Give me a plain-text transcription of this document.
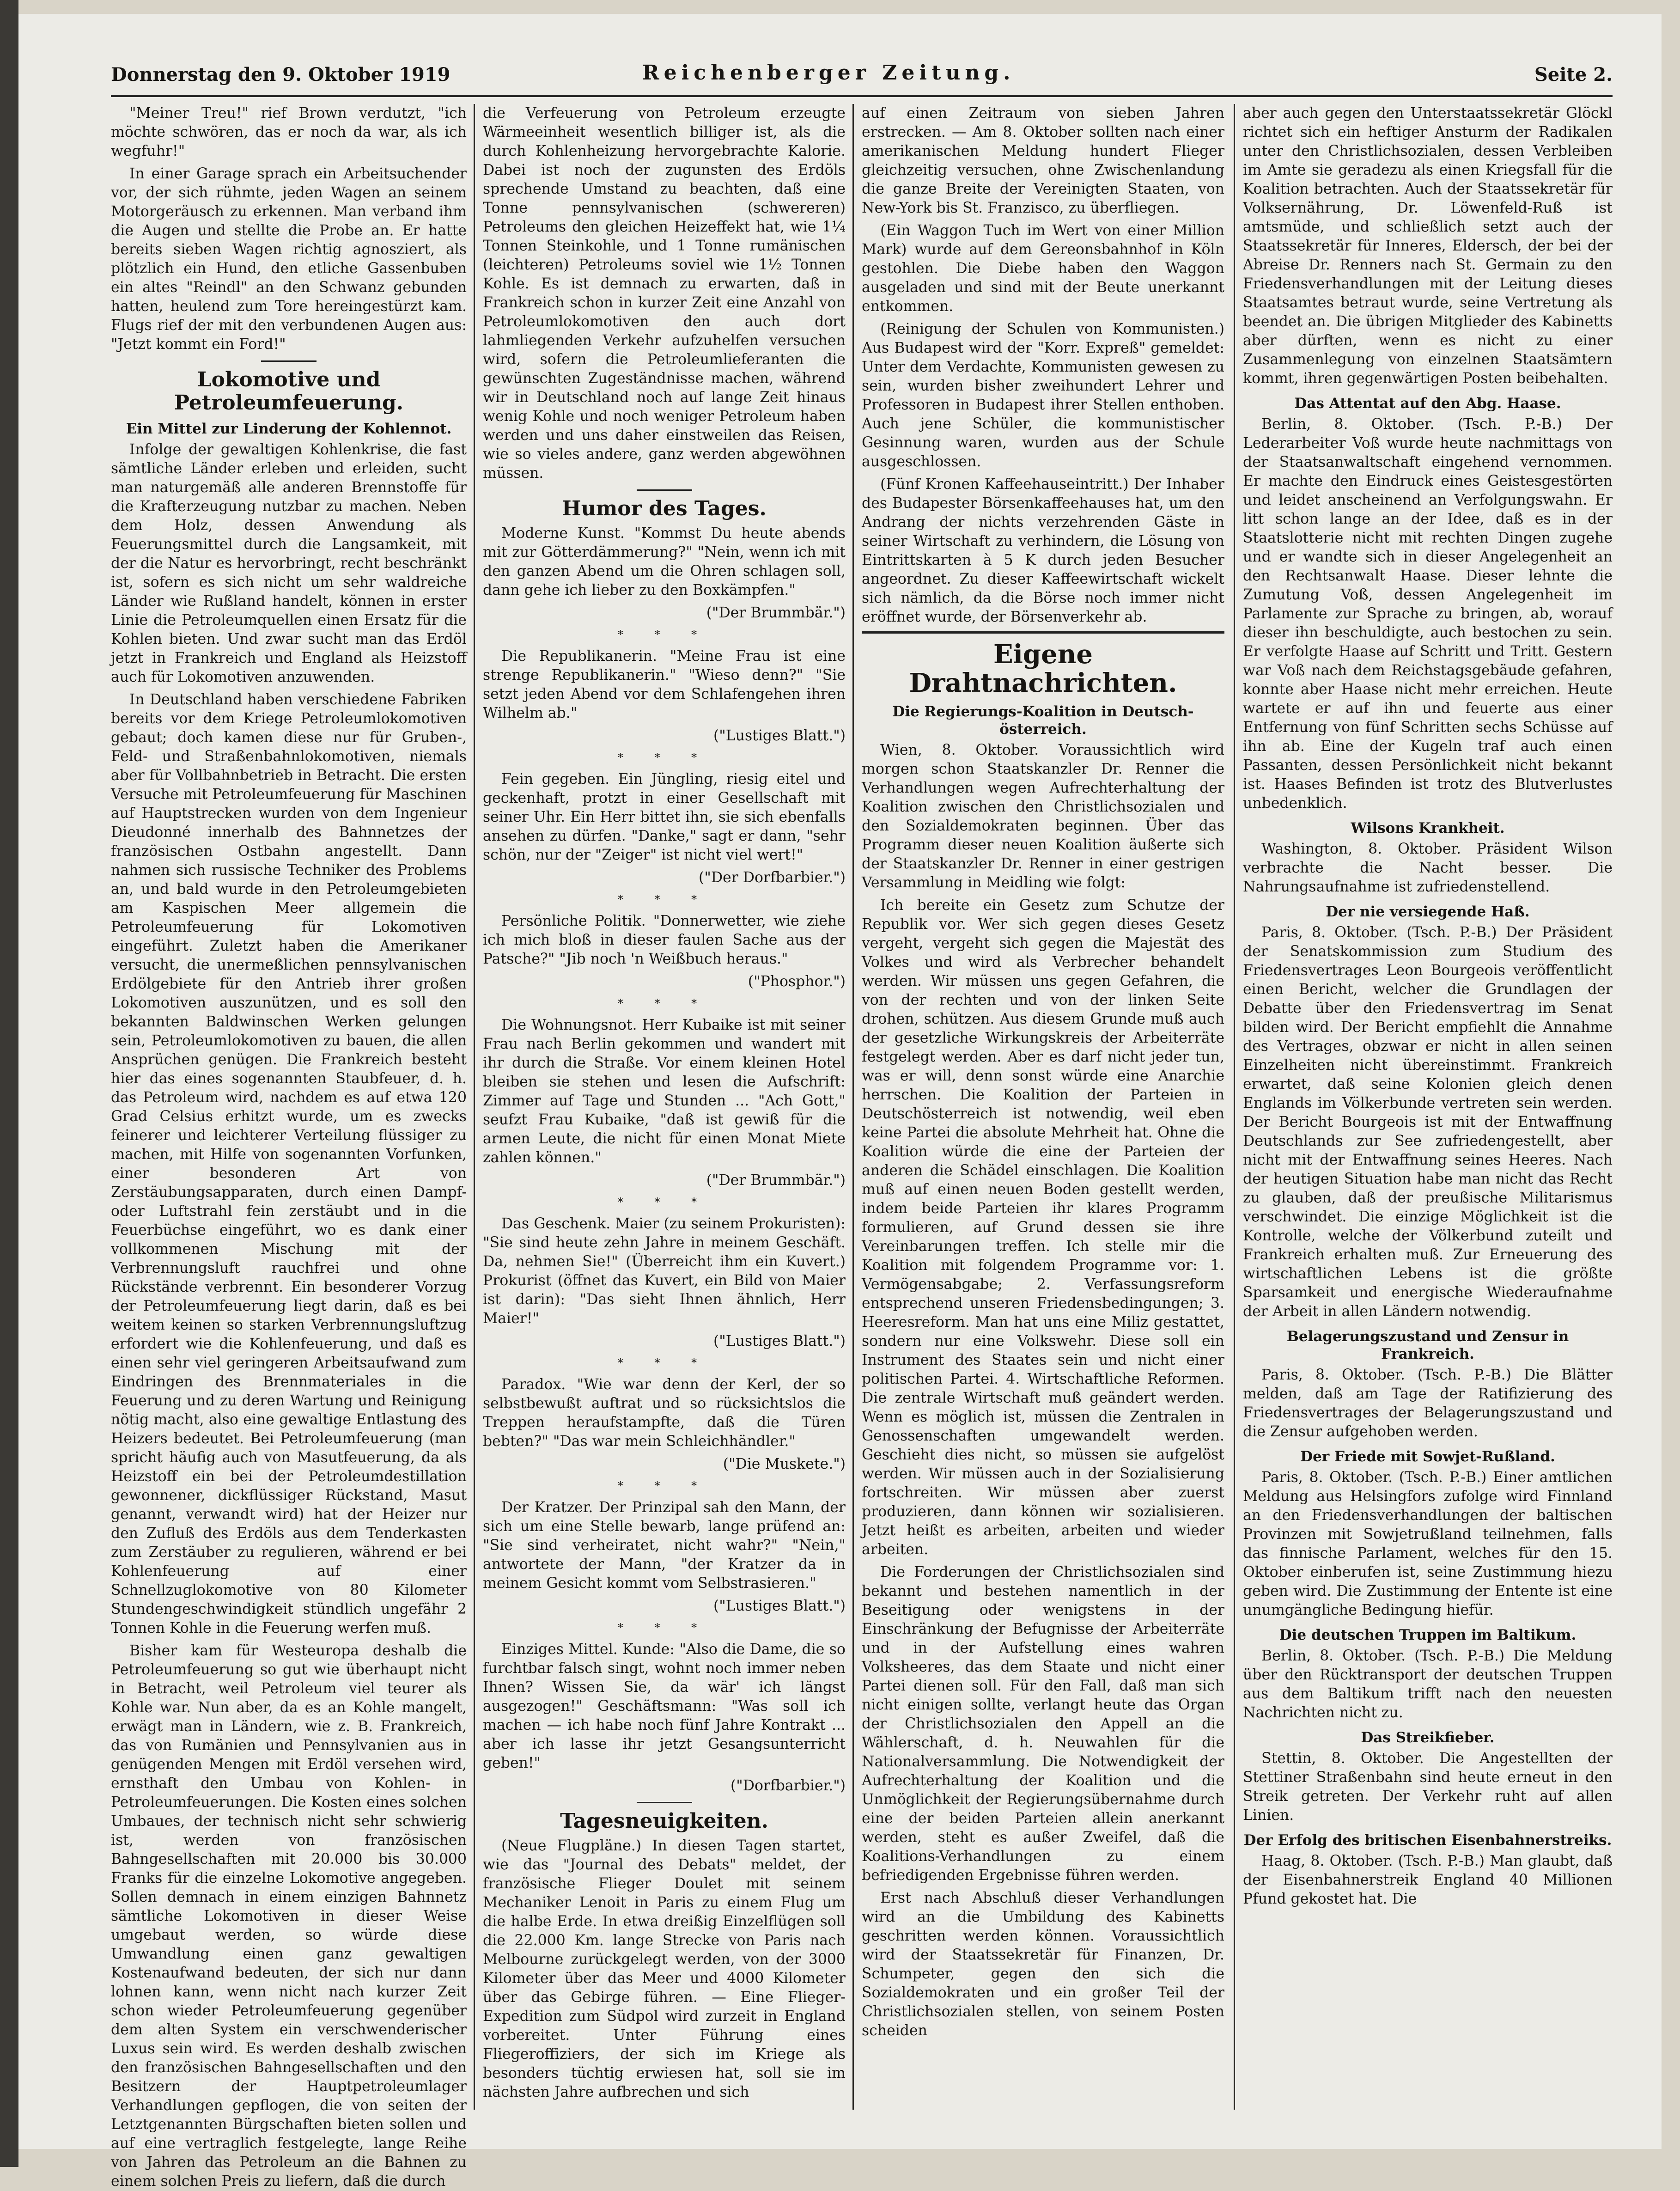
Donnerstag den 9. Oktober 1919	Reichenberger Zeitung.	Seite 2.

"Meiner Treu!" rief Brown verdutzt, "ich möchte schwören, das er noch da war, als ich wegfuhr!"

In einer Garage sprach ein Arbeitsuchender vor, der sich rühmte, jeden Wagen an seinem Motorgeräusch zu erkennen. Man verband ihm die Augen und stellte die Probe an. Er hatte bereits sieben Wagen richtig agnosziert, als plötzlich ein Hund, den etliche Gassenbuben ein altes "Reindl" an den Schwanz gebunden hatten, heulend zum Tore hereingestürzt kam. Flugs rief der mit den verbundenen Augen aus: "Jetzt kommt ein Ford!"

Lokomotive und Petroleumfeuerung.
Ein Mittel zur Linderung der Kohlennot.

Infolge der gewaltigen Kohlenkrise, die fast sämtliche Länder erleben und erleiden, sucht man naturgemäß alle anderen Brennstoffe für die Krafterzeugung nutzbar zu machen. Neben dem Holz, dessen Anwendung als Feuerungsmittel durch die Langsamkeit, mit der die Natur es hervorbringt, recht beschränkt ist, sofern es sich nicht um sehr waldreiche Länder wie Rußland handelt, können in erster Linie die Petroleumquellen einen Ersatz für die Kohlen bieten. Und zwar sucht man das Erdöl jetzt in Frankreich und England als Heizstoff auch für Lokomotiven anzuwenden.

In Deutschland haben verschiedene Fabriken bereits vor dem Kriege Petroleumlokomotiven gebaut; doch kamen diese nur für Gruben-, Feld- und Straßenbahnlokomotiven, niemals aber für Vollbahnbetrieb in Betracht. Die ersten Versuche mit Petroleumfeuerung für Maschinen auf Hauptstrecken wurden von dem Ingenieur Dieudonné innerhalb des Bahnnetzes der französischen Ostbahn angestellt. Dann nahmen sich russische Techniker des Problems an, und bald wurde in den Petroleumgebieten am Kaspischen Meer allgemein die Petroleumfeuerung für Lokomotiven eingeführt. Zuletzt haben die Amerikaner versucht, die unermeßlichen pennsylvanischen Erdölgebiete für den Antrieb ihrer großen Lokomotiven auszunützen, und es soll den bekannten Baldwinschen Werken gelungen sein, Petroleumlokomotiven zu bauen, die allen Ansprüchen genügen. Die Frankreich besteht hier das eines sogenannten Staubfeuer, d. h. das Petroleum wird, nachdem es auf etwa 120 Grad Celsius erhitzt wurde, um es zwecks feinerer und leichterer Verteilung flüssiger zu machen, mit Hilfe von sogenannten Vorfunken, einer besonderen Art von Zerstäubungsapparaten, durch einen Dampf- oder Luftstrahl fein zerstäubt und in die Feuerbüchse eingeführt, wo es dank einer vollkommenen Mischung mit der Verbrennungsluft rauchfrei und ohne Rückstände verbrennt. Ein besonderer Vorzug der Petroleumfeuerung liegt darin, daß es bei weitem keinen so starken Verbrennungsluftzug erfordert wie die Kohlenfeuerung, und daß es einen sehr viel geringeren Arbeitsaufwand zum Eindringen des Brennmateriales in die Feuerung und zu deren Wartung und Reinigung nötig macht, also eine gewaltige Entlastung des Heizers bedeutet. Bei Petroleumfeuerung (man spricht häufig auch von Masutfeuerung, da als Heizstoff ein bei der Petroleumdestillation gewonnener, dickflüssiger Rückstand, Masut genannt, verwandt wird) hat der Heizer nur den Zufluß des Erdöls aus dem Tenderkasten zum Zerstäuber zu regulieren, während er bei Kohlenfeuerung auf einer Schnellzuglokomotive von 80 Kilometer Stundengeschwindigkeit stündlich ungefähr 2 Tonnen Kohle in die Feuerung werfen muß.

Bisher kam für Westeuropa deshalb die Petroleumfeuerung so gut wie überhaupt nicht in Betracht, weil Petroleum viel teurer als Kohle war. Nun aber, da es an Kohle mangelt, erwägt man in Ländern, wie z. B. Frankreich, das von Rumänien und Pennsylvanien aus in genügenden Mengen mit Erdöl versehen wird, ernsthaft den Umbau von Kohlen- in Petroleumfeuerungen. Die Kosten eines solchen Umbaues, der technisch nicht sehr schwierig ist, werden von französischen Bahngesellschaften mit 20.000 bis 30.000 Franks für die einzelne Lokomotive angegeben. Sollen demnach in einem einzigen Bahnnetz sämtliche Lokomotiven in dieser Weise umgebaut werden, so würde diese Umwandlung einen ganz gewaltigen Kostenaufwand bedeuten, der sich nur dann lohnen kann, wenn nicht nach kurzer Zeit schon wieder Petroleumfeuerung gegenüber dem alten System ein verschwenderischer Luxus sein wird. Es werden deshalb zwischen den französischen Bahngesellschaften und den Besitzern der Hauptpetroleumlager Verhandlungen gepflogen, die von seiten der Letztgenannten Bürgschaften bieten sollen und auf eine vertraglich festgelegte, lange Reihe von Jahren das Petroleum an die Bahnen zu einem solchen Preis zu liefern, daß die durch

die Verfeuerung von Petroleum erzeugte Wärmeeinheit wesentlich billiger ist, als die durch Kohlenheizung hervorgebrachte Kalorie. Dabei ist noch der zugunsten des Erdöls sprechende Umstand zu beachten, daß eine Tonne pennsylvanischen (schwereren) Petroleums den gleichen Heizeffekt hat, wie 1¼ Tonnen Steinkohle, und 1 Tonne rumänischen (leichteren) Petroleums soviel wie 1½ Tonnen Kohle. Es ist demnach zu erwarten, daß in Frankreich schon in kurzer Zeit eine Anzahl von Petroleumlokomotiven den auch dort lahmliegenden Verkehr aufzuhelfen versuchen wird, sofern die Petroleumlieferanten die gewünschten Zugeständnisse machen, während wir in Deutschland noch auf lange Zeit hinaus wenig Kohle und noch weniger Petroleum haben werden und uns daher einstweilen das Reisen, wie so vieles andere, ganz werden abgewöhnen müssen.

Humor des Tages.

Moderne Kunst. "Kommst Du heute abends mit zur Götterdämmerung?" "Nein, wenn ich mit den ganzen Abend um die Ohren schlagen soll, dann gehe ich lieber zu den Boxkämpfen."

("Der Brummbär.")

* * *

Die Republikanerin. "Meine Frau ist eine strenge Republikanerin." "Wieso denn?" "Sie setzt jeden Abend vor dem Schlafengehen ihren Wilhelm ab."

("Lustiges Blatt.")

* * *

Fein gegeben. Ein Jüngling, riesig eitel und geckenhaft, protzt in einer Gesellschaft mit seiner Uhr. Ein Herr bittet ihn, sie sich ebenfalls ansehen zu dürfen. "Danke," sagt er dann, "sehr schön, nur der "Zeiger" ist nicht viel wert!"

("Der Dorfbarbier.")

* * *

Persönliche Politik. "Donnerwetter, wie ziehe ich mich bloß in dieser faulen Sache aus der Patsche?" "Jib noch 'n Weißbuch heraus."

("Phosphor.")

* * *

Die Wohnungsnot. Herr Kubaike ist mit seiner Frau nach Berlin gekommen und wandert mit ihr durch die Straße. Vor einem kleinen Hotel bleiben sie stehen und lesen die Aufschrift: Zimmer auf Tage und Stunden ... "Ach Gott," seufzt Frau Kubaike, "daß ist gewiß für die armen Leute, die nicht für einen Monat Miete zahlen können."

("Der Brummbär.")

* * *

Das Geschenk. Maier (zu seinem Prokuristen): "Sie sind heute zehn Jahre in meinem Geschäft. Da, nehmen Sie!" (Überreicht ihm ein Kuvert.) Prokurist (öffnet das Kuvert, ein Bild von Maier ist darin): "Das sieht Ihnen ähnlich, Herr Maier!"

("Lustiges Blatt.")

* * *

Paradox. "Wie war denn der Kerl, der so selbstbewußt auftrat und so rücksichtslos die Treppen heraufstampfte, daß die Türen bebten?" "Das war mein Schleichhändler."

("Die Muskete.")

* * *

Der Kratzer. Der Prinzipal sah den Mann, der sich um eine Stelle bewarb, lange prüfend an: "Sie sind verheiratet, nicht wahr?" "Nein," antwortete der Mann, "der Kratzer da in meinem Gesicht kommt vom Selbstrasieren."

("Lustiges Blatt.")

* * *

Einziges Mittel. Kunde: "Also die Dame, die so furchtbar falsch singt, wohnt noch immer neben Ihnen? Wissen Sie, da wär' ich längst ausgezogen!" Geschäftsmann: "Was soll ich machen — ich habe noch fünf Jahre Kontrakt ... aber ich lasse ihr jetzt Gesangsunterricht geben!"

("Dorfbarbier.")

Tagesneuigkeiten.

(Neue Flugpläne.) In diesen Tagen startet, wie das "Journal des Debats" meldet, der französische Flieger Doulet mit seinem Mechaniker Lenoit in Paris zu einem Flug um die halbe Erde. In etwa dreißig Einzelflügen soll die 22.000 Km. lange Strecke von Paris nach Melbourne zurückgelegt werden, von der 3000 Kilometer über das Meer und 4000 Kilometer über das Gebirge führen. — Eine Flieger-Expedition zum Südpol wird zurzeit in England vorbereitet. Unter Führung eines Fliegeroffiziers, der sich im Kriege als besonders tüchtig erwiesen hat, soll sie im nächsten Jahre aufbrechen und sich

auf einen Zeitraum von sieben Jahren erstrecken. — Am 8. Oktober sollten nach einer amerikanischen Meldung hundert Flieger gleichzeitig versuchen, ohne Zwischenlandung die ganze Breite der Vereinigten Staaten, von New-York bis St. Franzisco, zu überfliegen.

(Ein Waggon Tuch im Wert von einer Million Mark) wurde auf dem Gereonsbahnhof in Köln gestohlen. Die Diebe haben den Waggon ausgeladen und sind mit der Beute unerkannt entkommen.

(Reinigung der Schulen von Kommunisten.) Aus Budapest wird der "Korr. Expreß" gemeldet: Unter dem Verdachte, Kommunisten gewesen zu sein, wurden bisher zweihundert Lehrer und Professoren in Budapest ihrer Stellen enthoben. Auch jene Schüler, die kommunistischer Gesinnung waren, wurden aus der Schule ausgeschlossen.

(Fünf Kronen Kaffeehauseintritt.) Der Inhaber des Budapester Börsenkaffeehauses hat, um den Andrang der nichts verzehrenden Gäste in seiner Wirtschaft zu verhindern, die Lösung von Eintrittskarten à 5 K durch jeden Besucher angeordnet. Zu dieser Kaffeewirtschaft wickelt sich nämlich, da die Börse noch immer nicht eröffnet wurde, der Börsenverkehr ab.

Eigene Drahtnachrichten.
Die Regierungs-Koalition in Deutsch-österreich.

Wien, 8. Oktober. Voraussichtlich wird morgen schon Staatskanzler Dr. Renner die Verhandlungen wegen Aufrechterhaltung der Koalition zwischen den Christlichsozialen und den Sozialdemokraten beginnen. Über das Programm dieser neuen Koalition äußerte sich der Staatskanzler Dr. Renner in einer gestrigen Versammlung in Meidling wie folgt:

Ich bereite ein Gesetz zum Schutze der Republik vor. Wer sich gegen dieses Gesetz vergeht, vergeht sich gegen die Majestät des Volkes und wird als Verbrecher behandelt werden. Wir müssen uns gegen Gefahren, die von der rechten und von der linken Seite drohen, schützen. Aus diesem Grunde muß auch der gesetzliche Wirkungskreis der Arbeiterräte festgelegt werden. Aber es darf nicht jeder tun, was er will, denn sonst würde eine Anarchie herrschen. Die Koalition der Parteien in Deutschösterreich ist notwendig, weil eben keine Partei die absolute Mehrheit hat. Ohne die Koalition würde die eine der Parteien der anderen die Schädel einschlagen. Die Koalition muß auf einen neuen Boden gestellt werden, indem beide Parteien ihr klares Programm formulieren, auf Grund dessen sie ihre Vereinbarungen treffen. Ich stelle mir die Koalition mit folgendem Programme vor: 1. Vermögensabgabe; 2. Verfassungsreform entsprechend unseren Friedensbedingungen; 3. Heeresreform. Man hat uns eine Miliz gestattet, sondern nur eine Volkswehr. Diese soll ein Instrument des Staates sein und nicht einer politischen Partei. 4. Wirtschaftliche Reformen. Die zentrale Wirtschaft muß geändert werden. Wenn es möglich ist, müssen die Zentralen in Genossenschaften umgewandelt werden. Geschieht dies nicht, so müssen sie aufgelöst werden. Wir müssen auch in der Sozialisierung fortschreiten. Wir müssen aber zuerst produzieren, dann können wir sozialisieren. Jetzt heißt es arbeiten, arbeiten und wieder arbeiten.

Die Forderungen der Christlichsozialen sind bekannt und bestehen namentlich in der Beseitigung oder wenigstens in der Einschränkung der Befugnisse der Arbeiterräte und in der Aufstellung eines wahren Volksheeres, das dem Staate und nicht einer Partei dienen soll. Für den Fall, daß man sich nicht einigen sollte, verlangt heute das Organ der Christlichsozialen den Appell an die Wählerschaft, d. h. Neuwahlen für die Nationalversammlung. Die Notwendigkeit der Aufrechterhaltung der Koalition und die Unmöglichkeit der Regierungsübernahme durch eine der beiden Parteien allein anerkannt werden, steht es außer Zweifel, daß die Koalitions-Verhandlungen zu einem befriedigenden Ergebnisse führen werden.

Erst nach Abschluß dieser Verhandlungen wird an die Umbildung des Kabinetts geschritten werden können. Voraussichtlich wird der Staatssekretär für Finanzen, Dr. Schumpeter, gegen den sich die Sozialdemokraten und ein großer Teil der Christlichsozialen stellen, von seinem Posten scheiden

aber auch gegen den Unterstaatssekretär Glöckl richtet sich ein heftiger Ansturm der Radikalen unter den Christlichsozialen, dessen Verbleiben im Amte sie geradezu als einen Kriegsfall für die Koalition betrachten. Auch der Staatssekretär für Volksernährung, Dr. Löwenfeld-Ruß ist amtsmüde, und schließlich setzt auch der Staatssekretär für Inneres, Eldersch, der bei der Abreise Dr. Renners nach St. Germain zu den Friedensverhandlungen mit der Leitung dieses Staatsamtes betraut wurde, seine Vertretung als beendet an. Die übrigen Mitglieder des Kabinetts aber dürften, wenn es nicht zu einer Zusammenlegung von einzelnen Staatsämtern kommt, ihren gegenwärtigen Posten beibehalten.

Das Attentat auf den Abg. Haase.

Berlin, 8. Oktober. (Tsch. P.-B.) Der Lederarbeiter Voß wurde heute nachmittags von der Staatsanwaltschaft eingehend vernommen. Er machte den Eindruck eines Geistesgestörten und leidet anscheinend an Verfolgungswahn. Er litt schon lange an der Idee, daß es in der Staatslotterie nicht mit rechten Dingen zugehe und er wandte sich in dieser Angelegenheit an den Rechtsanwalt Haase. Dieser lehnte die Zumutung Voß, dessen Angelegenheit im Parlamente zur Sprache zu bringen, ab, worauf dieser ihn beschuldigte, auch bestochen zu sein. Er verfolgte Haase auf Schritt und Tritt. Gestern war Voß nach dem Reichstagsgebäude gefahren, konnte aber Haase nicht mehr erreichen. Heute wartete er auf ihn und feuerte aus einer Entfernung von fünf Schritten sechs Schüsse auf ihn ab. Eine der Kugeln traf auch einen Passanten, dessen Persönlichkeit nicht bekannt ist. Haases Befinden ist trotz des Blutverlustes unbedenklich.

Wilsons Krankheit.

Washington, 8. Oktober. Präsident Wilson verbrachte die Nacht besser. Die Nahrungsaufnahme ist zufriedenstellend.

Der nie versiegende Haß.

Paris, 8. Oktober. (Tsch. P.-B.) Der Präsident der Senatskommission zum Studium des Friedensvertrages Leon Bourgeois veröffentlicht einen Bericht, welcher die Grundlagen der Debatte über den Friedensvertrag im Senat bilden wird. Der Bericht empfiehlt die Annahme des Vertrages, obzwar er nicht in allen seinen Einzelheiten nicht übereinstimmt. Frankreich erwartet, daß seine Kolonien gleich denen Englands im Völkerbunde vertreten sein werden. Der Bericht Bourgeois ist mit der Entwaffnung Deutschlands zur See zufriedengestellt, aber nicht mit der Entwaffnung seines Heeres. Nach der heutigen Situation habe man nicht das Recht zu glauben, daß der preußische Militarismus verschwindet. Die einzige Möglichkeit ist die Kontrolle, welche der Völkerbund zuteilt und Frankreich erhalten muß. Zur Erneuerung des wirtschaftlichen Lebens ist die größte Sparsamkeit und energische Wiederaufnahme der Arbeit in allen Ländern notwendig.

Belagerungszustand und Zensur in Frankreich.

Paris, 8. Oktober. (Tsch. P.-B.) Die Blätter melden, daß am Tage der Ratifizierung des Friedensvertrages der Belagerungszustand und die Zensur aufgehoben werden.

Der Friede mit Sowjet-Rußland.

Paris, 8. Oktober. (Tsch. P.-B.) Einer amtlichen Meldung aus Helsingfors zufolge wird Finnland an den Friedensverhandlungen der baltischen Provinzen mit Sowjetrußland teilnehmen, falls das finnische Parlament, welches für den 15. Oktober einberufen ist, seine Zustimmung hiezu geben wird. Die Zustimmung der Entente ist eine unumgängliche Bedingung hiefür.

Die deutschen Truppen im Baltikum.

Berlin, 8. Oktober. (Tsch. P.-B.) Die Meldung über den Rücktransport der deutschen Truppen aus dem Baltikum trifft nach den neuesten Nachrichten nicht zu.

Das Streikfieber.

Stettin, 8. Oktober. Die Angestellten der Stettiner Straßenbahn sind heute erneut in den Streik getreten. Der Verkehr ruht auf allen Linien.

Der Erfolg des britischen Eisenbahnerstreiks.

Haag, 8. Oktober. (Tsch. P.-B.) Man glaubt, daß der Eisenbahnerstreik England 40 Millionen Pfund gekostet hat. Die
